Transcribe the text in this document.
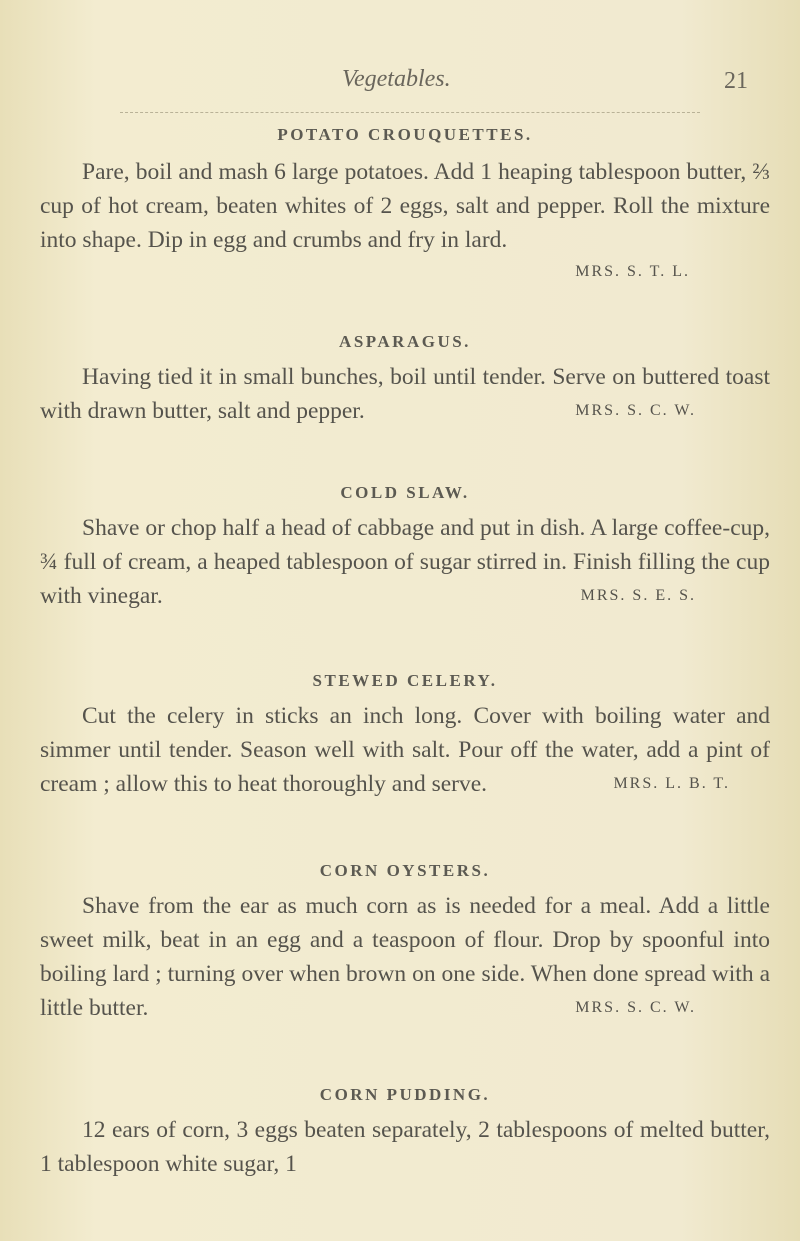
Vegetables.	21
POTATO CROUQUETTES.

Pare, boil and mash 6 large potatoes. Add 1 heaping tablespoon butter, ⅔ cup of hot cream, beaten whites of 2 eggs, salt and pepper. Roll the mixture into shape. Dip in egg and crumbs and fry in lard.

MRS. S. T. L.

ASPARAGUS.

Having tied it in small bunches, boil until tender. Serve on buttered toast with drawn butter, salt and pepper.	MRS. S. C. W.

COLD SLAW.

Shave or chop half a head of cabbage and put in dish. A large coffee-cup, ¾ full of cream, a heaped tablespoon of sugar stirred in. Finish filling the cup with vinegar.	MRS. S. E. S.

STEWED CELERY.

Cut the celery in sticks an inch long. Cover with boiling water and simmer until tender. Season well with salt. Pour off the water, add a pint of cream ; allow this to heat thoroughly and serve.	MRS. L. B. T.

CORN OYSTERS.

Shave from the ear as much corn as is needed for a meal. Add a little sweet milk, beat in an egg and a teaspoon of flour. Drop by spoonful into boiling lard ; turning over when brown on one side. When done spread with a little butter.	MRS. S. C. W.

CORN PUDDING.

12 ears of corn, 3 eggs beaten separately, 2 tablespoons of melted butter, 1 tablespoon white sugar, 1
